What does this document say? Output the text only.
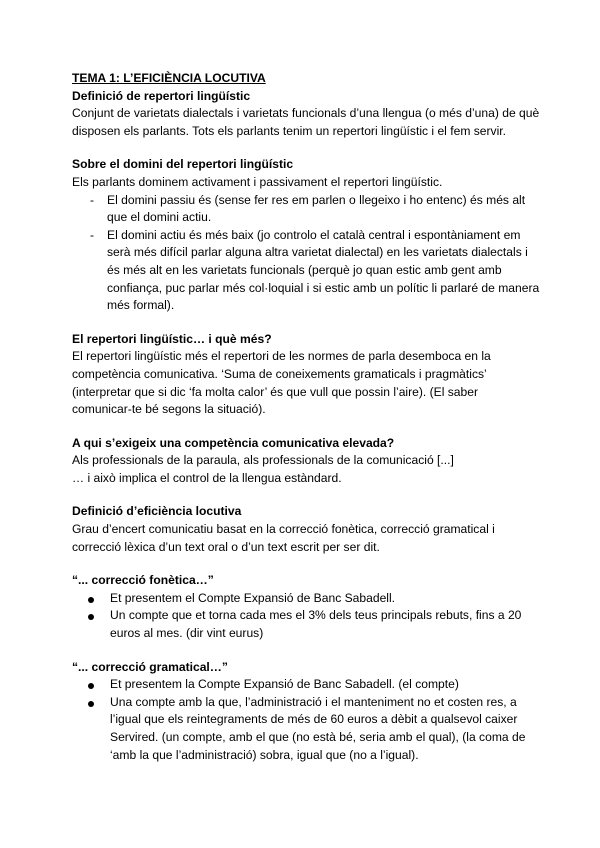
TEMA 1: L’EFICIÈNCIA LOCUTIVA

Definició de repertori lingüístic

Conjunt de varietats dialectals i varietats funcionals d’una llengua (o més d’una) de què disposen els parlants. Tots els parlants tenim un repertori lingüístic i el fem servir.

Sobre el domini del repertori lingüístic

Els parlants dominem activament i passivament el repertori lingüístic.

- El domini passiu és (sense fer res em parlen o llegeixo i ho entenc) és més alt que el domini actiu.
- El domini actiu és més baix (jo controlo el català central i espontàniament em serà més difícil parlar alguna altra varietat dialectal) en les varietats dialectals i és més alt en les varietats funcionals (perquè jo quan estic amb gent amb confiança, puc parlar més col·loquial i si estic amb un polític li parlaré de manera més formal).

El repertori lingüístic… i què més?

El repertori lingüístic més el repertori de les normes de parla desemboca en la competència comunicativa. ‘Suma de coneixements gramaticals i pragmàtics’ (interpretar que si dic ‘fa molta calor’ és que vull que possin l’aire). (El saber comunicar-te bé segons la situació).

A qui s’exigeix una competència comunicativa elevada?

Als professionals de la paraula, als professionals de la comunicació [...]

… i això implica el control de la llengua estàndard.

Definició d’eficiència locutiva

Grau d’encert comunicatiu basat en la correcció fonètica, correcció gramatical i correcció lèxica d’un text oral o d’un text escrit per ser dit.

“... correcció fonètica…”

Et presentem el Compte Expansió de Banc Sabadell.
Un compte que et torna cada mes el 3% dels teus principals rebuts, fins a 20 euros al mes. (dir vint eurus)

“... correcció gramatical…”

Et presentem la Compte Expansió de Banc Sabadell. (el compte)
Una compte amb la que, l’administració i el manteniment no et costen res, a l’igual que els reintegraments de més de 60 euros a dèbit a qualsevol caixer Servired. (un compte, amb el que (no està bé, seria amb el qual), (la coma de ‘amb la que l’administració) sobra, igual que (no a l’igual).
